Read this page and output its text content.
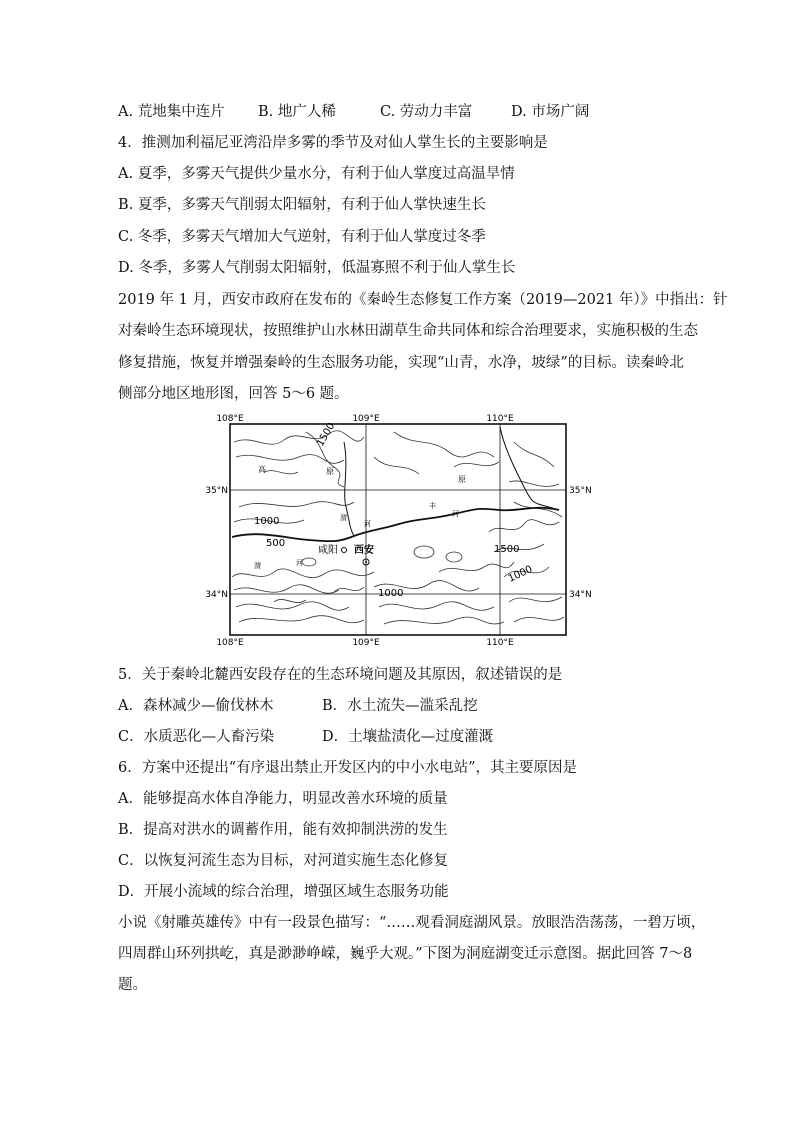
A. 荒地集中连片 B. 地广人稀	C. 劳动力丰富	D. 市场广阔
4．推测加利福尼亚湾沿岸多雾的季节及对仙人掌生长的主要影响是
A. 夏季，多雾天气提供少量水分，有利于仙人掌度过高温旱情
B. 夏季，多雾天气削弱太阳辐射，有利于仙人掌快速生长
C. 冬季，多雾天气增加大气逆射，有利于仙人掌度过冬季
D. 冬季，多雾人气削弱太阳辐射，低温寡照不利于仙人掌生长
2019 年 1 月，西安市政府在发布的《秦岭生态修复工作方案（2019—2021 年）》中指出：针
对秦岭生态环境现状，按照维护山水林田湖草生命共同体和综合治理要求，实施积极的生态
修复措施，恢复并增强秦岭的生态服务功能，实现“山青，水净，坡绿”的目标。读秦岭北
侧部分地区地形图，回答 5～6 题。
108°E	109°E	110°E
108°E	109°E	110°E
35°N
34°N
35°N
34°N
1500
1000
500
1500
1000
1000
高	原
原
渭
河
渭	河
丰
河
咸阳 西安
5．关于秦岭北麓西安段存在的生态环境问题及其原因，叙述错误的是
A．森林减少—偷伐林木	B．水土流失—滥采乱挖
C．水质恶化—人畜污染	D．土壤盐渍化—过度灌溉
6．方案中还提出“有序退出禁止开发区内的中小水电站”，其主要原因是
A．能够提高水体自净能力，明显改善水环境的质量
B．提高对洪水的调蓄作用，能有效抑制洪涝的发生
C．以恢复河流生态为目标，对河道实施生态化修复
D．开展小流域的综合治理，增强区域生态服务功能
小说《射雕英雄传》中有一段景色描写：“……观看洞庭湖风景。放眼浩浩荡荡，一碧万顷，
四周群山环列拱屹，真是渺渺峥嵘，巍乎大观。”下图为洞庭湖变迁示意图。据此回答 7～8
题。
